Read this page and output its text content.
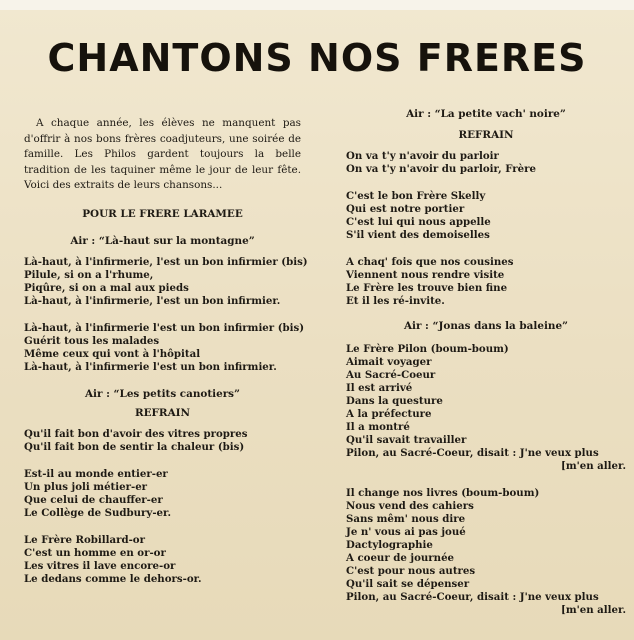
CHANTONS NOS FRERES

A chaque année, les élèves ne manquent pas d'offrir à nos bons frères coadjuteurs, une soirée de famille. Les Philos gardent toujours la belle tradition de les taquiner même le jour de leur fête. Voici des extraits de leurs chansons...

POUR LE FRERE LARAMEE

Air : “Là-haut sur la montagne”

Là-haut, à l'infirmerie, l'est un bon infirmier (bis)
Pilule, si on a l'rhume,
Piqûre, si on a mal aux pieds
Là-haut, à l'infirmerie, l'est un bon infirmier.
Là-haut, à l'infirmerie l'est un bon infirmier (bis)
Guérit tous les malades
Même ceux qui vont à l'hôpital
Là-haut, à l'infirmerie l'est un bon infirmier.

Air : “Les petits canotiers”

REFRAIN

Qu'il fait bon d'avoir des vitres propres
Qu'il fait bon de sentir la chaleur (bis)
Est-il au monde entier-er
Un plus joli métier-er
Que celui de chauffer-er
Le Collège de Sudbury-er.
Le Frère Robillard-or
C'est un homme en or-or
Les vitres il lave encore-or
Le dedans comme le dehors-or.

Air : “La petite vach' noire”

REFRAIN

On va t'y n'avoir du parloir
On va t'y n'avoir du parloir, Frère
C'est le bon Frère Skelly
Qui est notre portier
C'est lui qui nous appelle
S'il vient des demoiselles
A chaq' fois que nos cousines
Viennent nous rendre visite
Le Frère les trouve bien fine
Et il les ré-invite.

Air : “Jonas dans la baleine”

Le Frère Pilon (boum-boum)
Aimait voyager
Au Sacré-Coeur
Il est arrivé
Dans la questure
A la préfecture
Il a montré
Qu'il savait travailler
Pilon, au Sacré-Coeur, disait : J'ne veux plus
[m'en aller.
Il change nos livres (boum-boum)
Nous vend des cahiers
Sans mêm' nous dire
Je n' vous ai pas joué
Dactylographie
A coeur de journée
C'est pour nous autres
Qu'il sait se dépenser
Pilon, au Sacré-Coeur, disait : J'ne veux plus
[m'en aller.
